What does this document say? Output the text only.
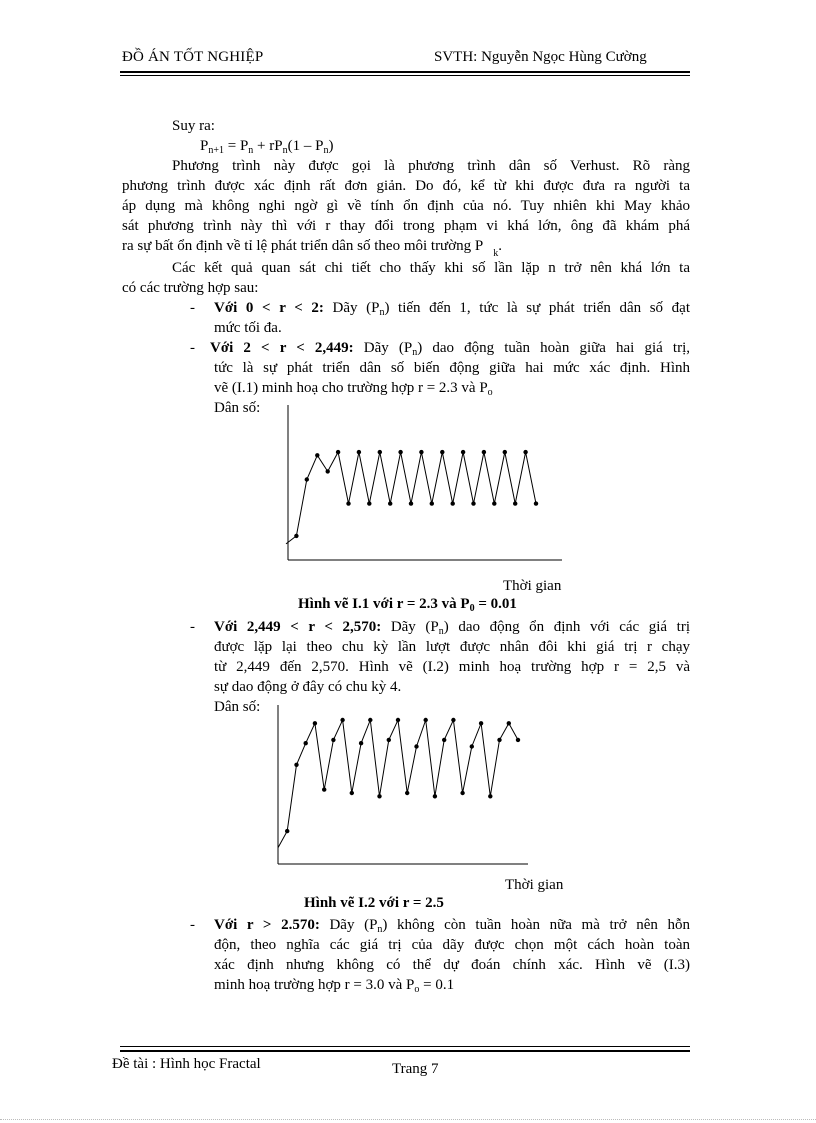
ĐỒ ÁN TỐT NGHIỆP	SVTH: Nguyễn Ngọc Hùng Cường
Suy ra:
$P_{n+1} = P_n + rP_n(1 - P_n)$
Phương trình này được gọi là phương trình dân số Verhust. Rõ ràng
phương trình được xác định rất đơn giản. Do đó, kể từ khi được đưa ra người ta
áp dụng mà không nghi ngờ gì về tính ổn định của nó. Tuy nhiên khi May khảo
sát phương trình này thì với r thay đổi trong phạm vi khá lớn, ông đã khám phá
ra sự bất ổn định về tỉ lệ phát triển dân số theo môi trường P $_k$.
Các kết quả quan sát chi tiết cho thấy khi số lần lặp n trở nên khá lớn ta
có các trường hợp sau:
- Với 0 < r < 2: Dãy $(P_n)$ tiến đến 1, tức là sự phát triển dân số đạt
mức tối đa.
- Với 2 < r < 2,449: Dãy $(P_n)$ dao động tuần hoàn giữa hai giá trị,
tức là sự phát triển dân số biến động giữa hai mức xác định. Hình
vẽ (I.1) minh hoạ cho trường hợp r = 2.3 và $P_o$
Dân số:
Thời gian
Hình vẽ I.1 với r = 2.3 và $P_0 = 0.01$
- Với 2,449 < r < 2,570: Dãy $(P_n)$ dao động ổn định với các giá trị
được lặp lại theo chu kỳ lần lượt được nhân đôi khi giá trị r chạy
từ 2,449 đến 2,570. Hình vẽ (I.2) minh hoạ trường hợp r = 2,5 và
sự dao động ở đây có chu kỳ 4.
Dân số:
Thời gian
Hình vẽ I.2 với r = 2.5
- Với r > 2.570: Dãy $(P_n)$ không còn tuần hoàn nữa mà trở nên hỗn
độn, theo nghĩa các giá trị của dãy được chọn một cách hoàn toàn
xác định nhưng không có thể dự đoán chính xác. Hình vẽ (I.3)
minh hoạ trường hợp r = 3.0 và $P_o = 0.1$
Đề tài : Hình học Fractal	Trang 7
